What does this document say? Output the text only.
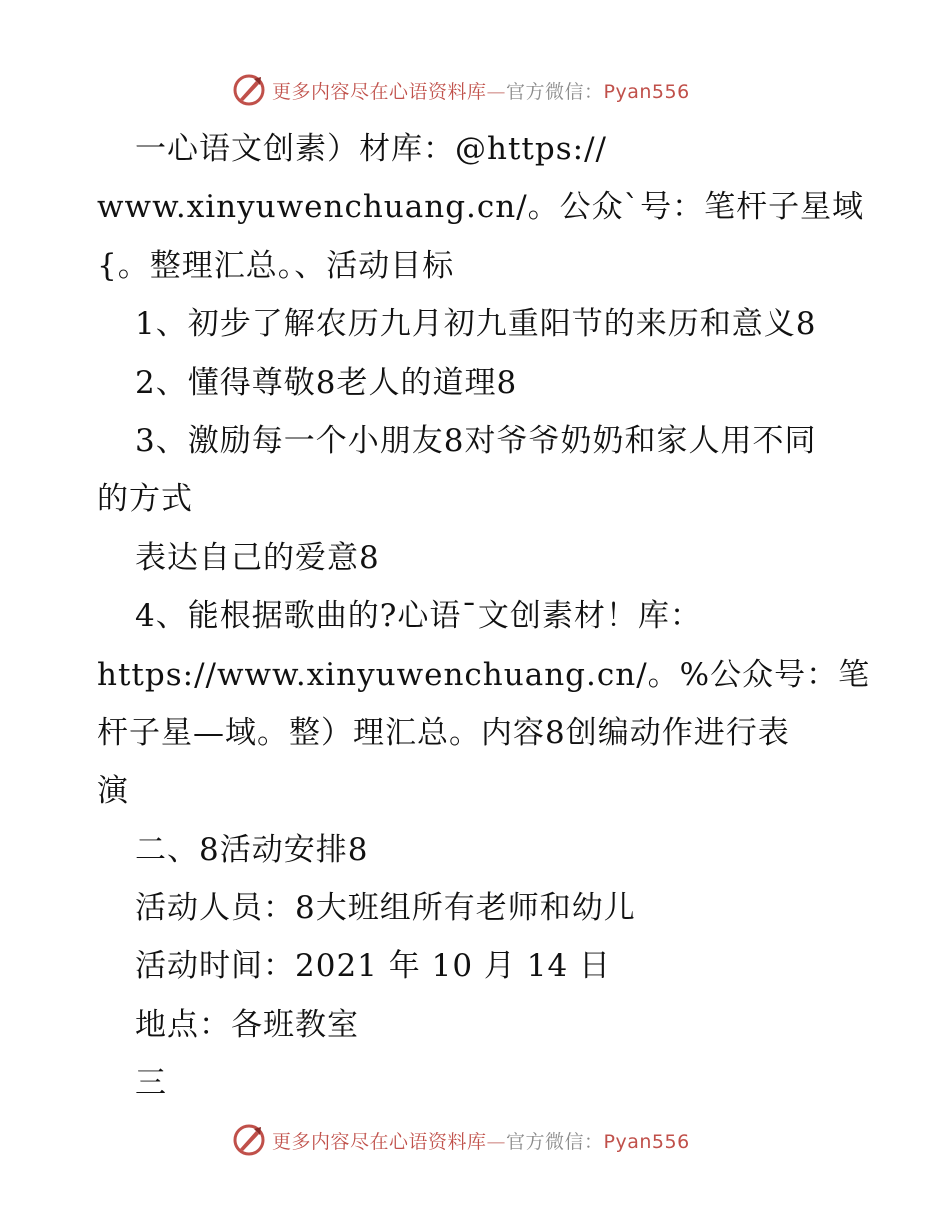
更多内容尽在心语资料库—官方微信：Pyan556
一心语文创素）材库：@https://
www.xinyuwenchuang.cn/。公众`号：笔杆子星域
{。整理汇总。、活动目标
1、初步了解农历九月初九重阳节的来历和意义8
2、懂得尊敬8老人的道理8
3、激励每一个小朋友8对爷爷奶奶和家人用不同
的方式
表达自己的爱意8
4、能根据歌曲的?心语¯文创素材！库：
https://www.xinyuwenchuang.cn/。%公众号：笔
杆子星—域。整）理汇总。内容8创编动作进行表
演
二、8活动安排8
活动人员：8大班组所有老师和幼儿
活动时间：2021 年 10 月 14 日
地点：各班教室
三
更多内容尽在心语资料库—官方微信：Pyan556
